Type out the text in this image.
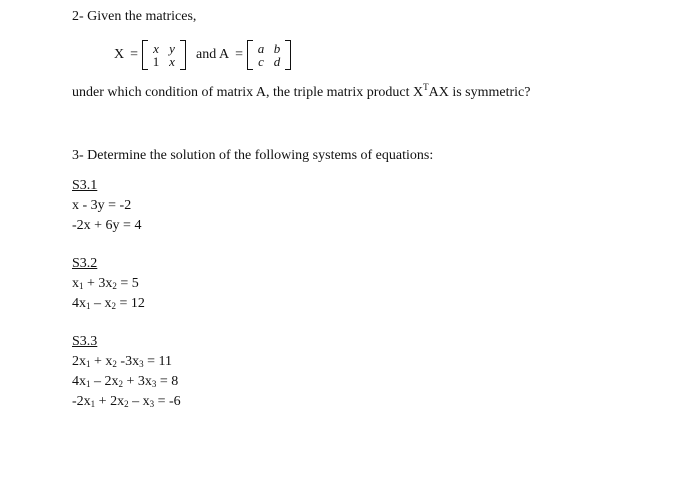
2- Given the matrices,
X =	x y
1 x	and A =	a b
c d
under which condition of matrix A, the triple matrix product $X^TAX$ is symmetric?
3- Determine the solution of the following systems of equations:
S3.1
x - 3y = -2
-2x + 6y = 4
S3.2
$x_1 + 3x_2 = 5$
$4x_1 - x_2 = 12$
S3.3
$2x_1 + x_2$ $-3x_3 = 11$
$4x_1 - 2x_2 + 3x_3 = 8$
$-2x_1 + 2x_2 - x_3 = -6$
